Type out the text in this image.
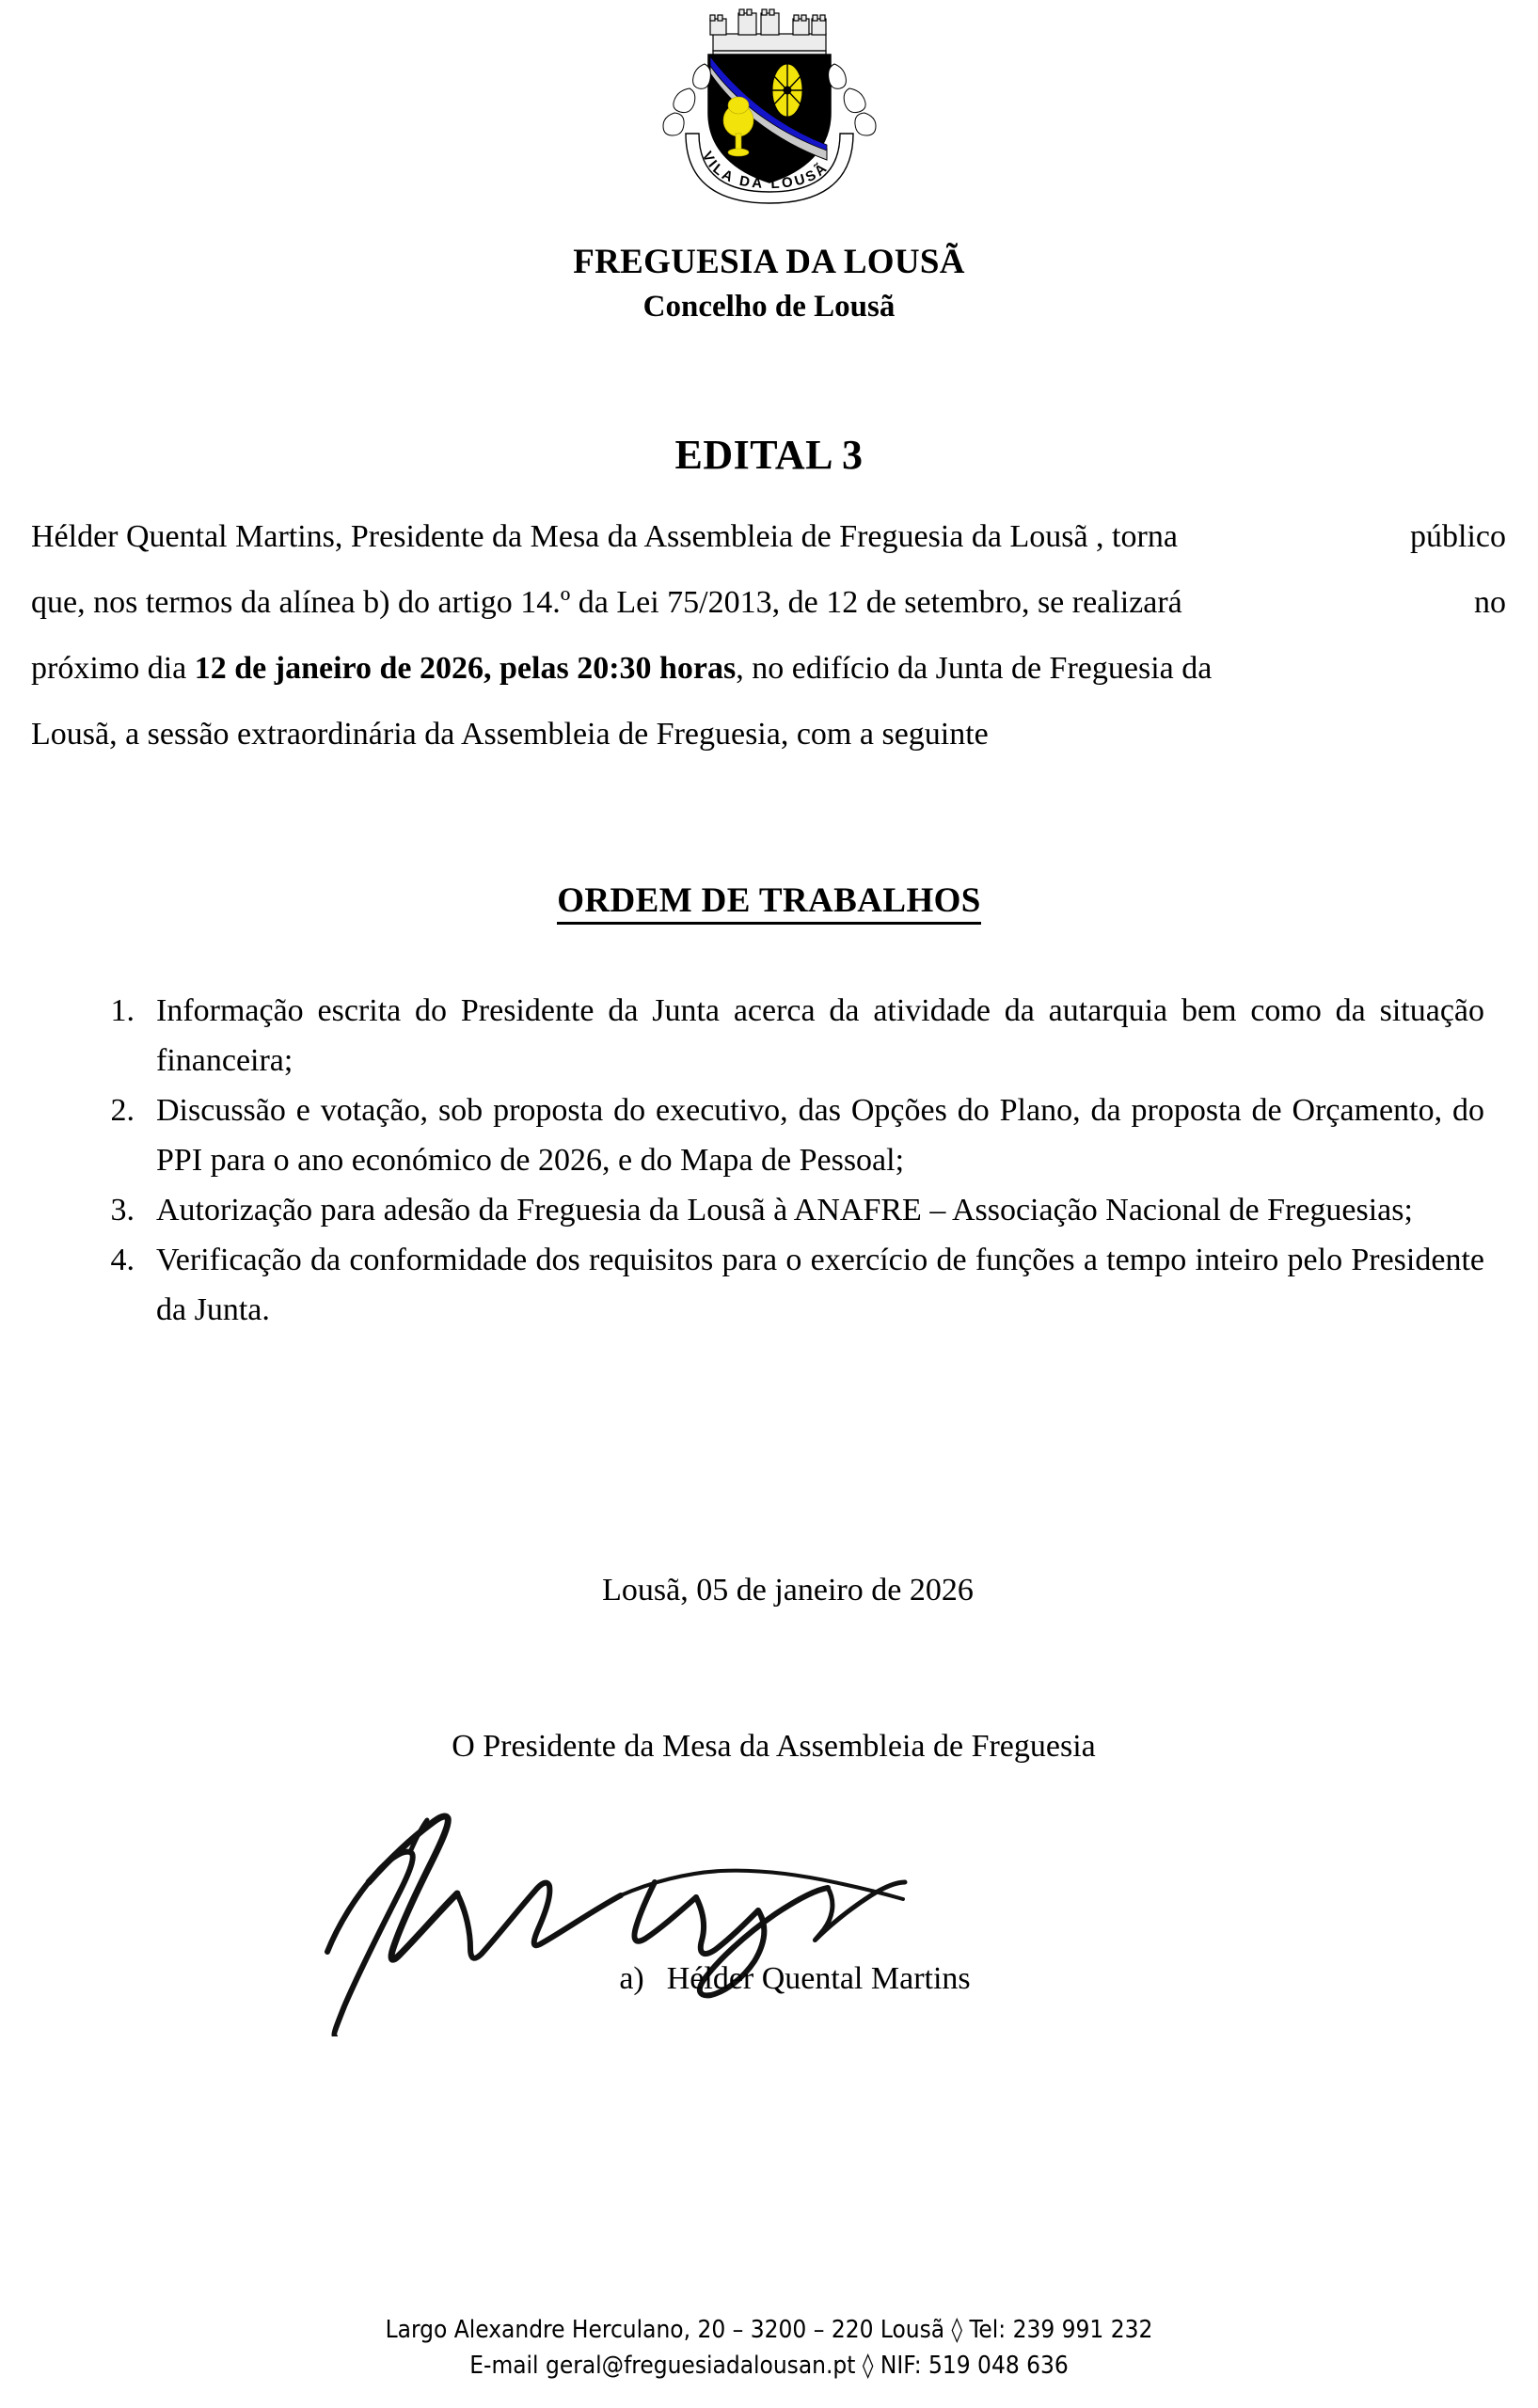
VILA DA LOUSÃ
FREGUESIA DA LOUSÃ
Concelho de Lousã
EDITAL 3
Hélder Quental Martins, Presidente da Mesa da Assembleia de Freguesia da Lousã , torna	público
que, nos termos da alínea b) do artigo 14.º da Lei 75/2013, de 12 de setembro, se realizará	no
próximo dia 12 de janeiro de 2026, pelas 20:30 horas, no edifício da Junta de Freguesia da
Lousã, a sessão extraordinária da Assembleia de Freguesia, com a seguinte
ORDEM DE TRABALHOS
1. Informação escrita do Presidente da Junta acerca da atividade da autarquia bem como da situação financeira;
2. Discussão e votação, sob proposta do executivo, das Opções do Plano, da proposta de Orçamento, do PPI para o ano económico de 2026, e do Mapa de Pessoal;
3. Autorização para adesão da Freguesia da Lousã à ANAFRE – Associação Nacional de Freguesias;
4. Verificação da conformidade dos requisitos para o exercício de funções a tempo inteiro pelo Presidente da Junta.
Lousã, 05 de janeiro de 2026
O Presidente da Mesa da Assembleia de Freguesia
a) Hélder Quental Martins
Largo Alexandre Herculano, 20 – 3200 – 220 Lousã ◊ Tel: 239 991 232
E-mail geral@freguesiadalousan.pt ◊ NIF: 519 048 636
